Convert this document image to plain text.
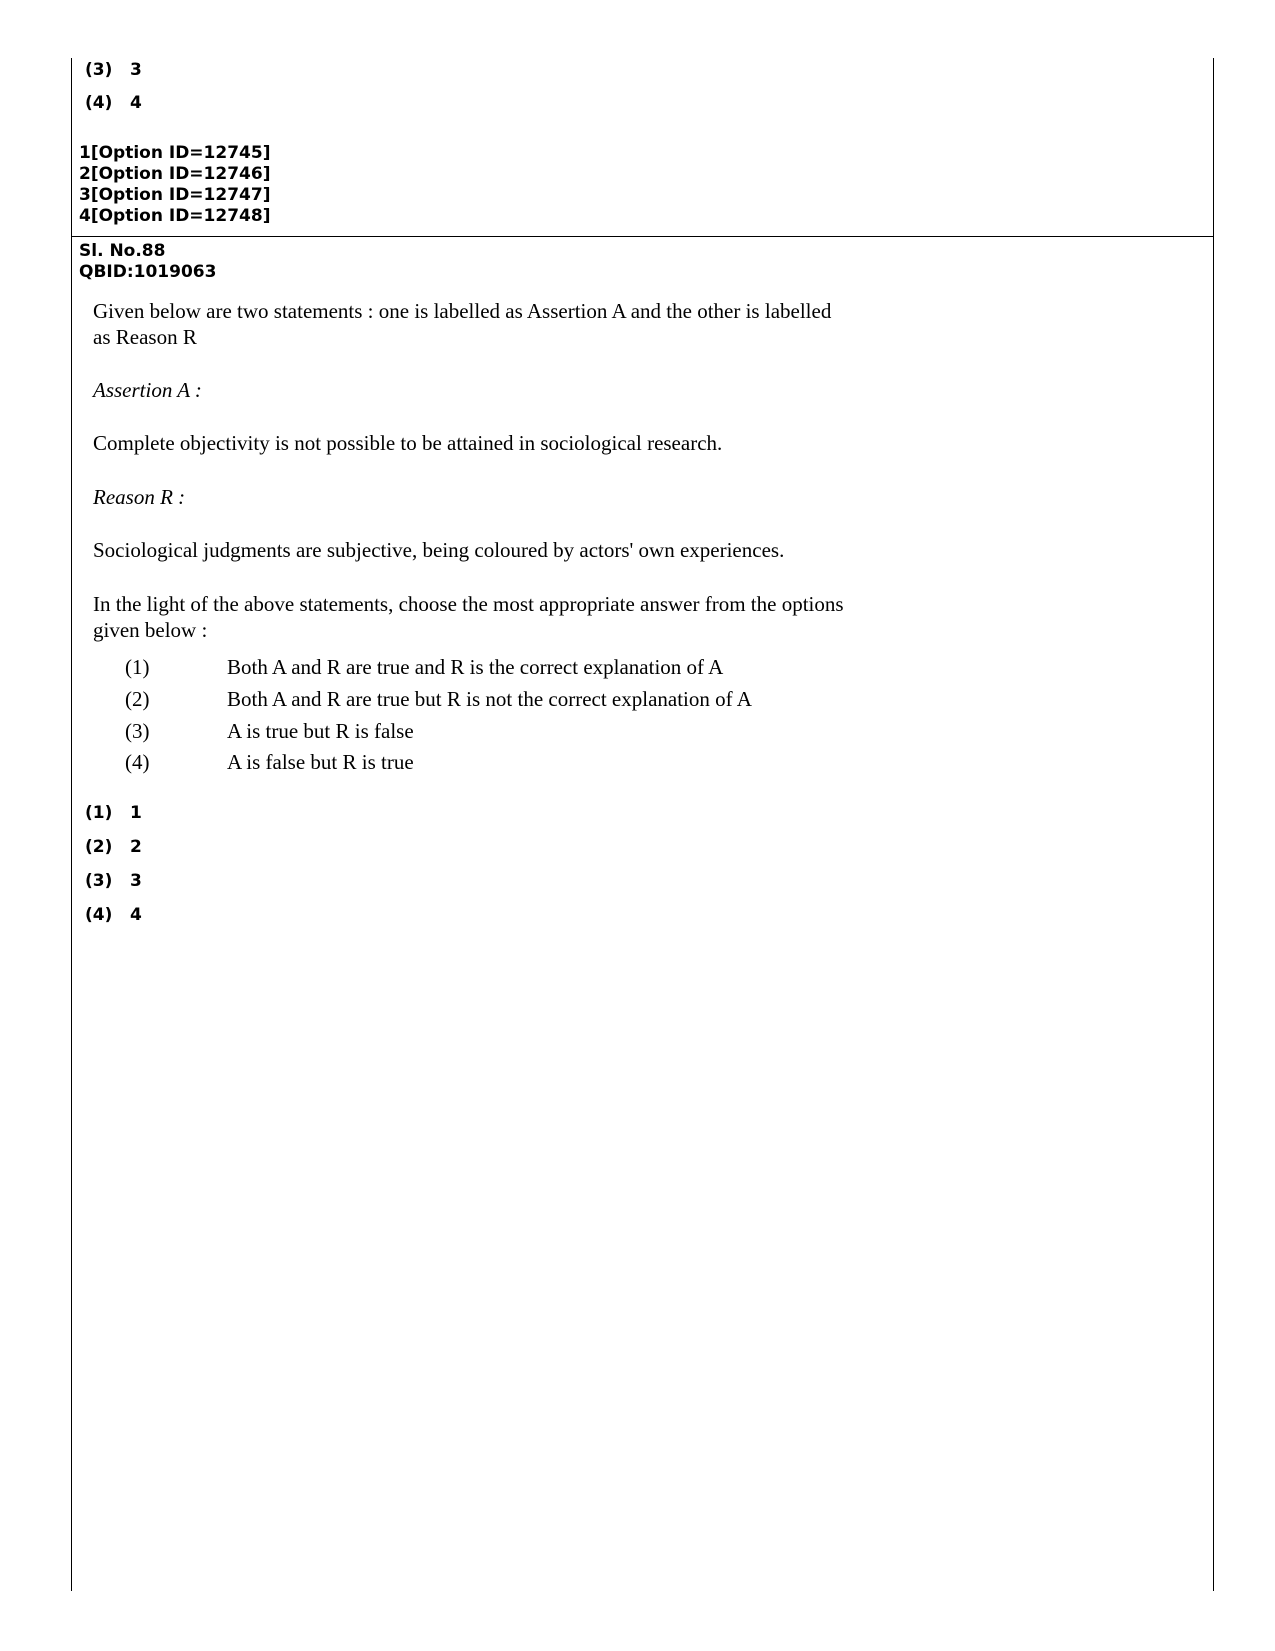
(3) 3
(4) 4
1[Option ID=12745]
2[Option ID=12746]
3[Option ID=12747]
4[Option ID=12748]
Sl. No.88
QBID:1019063
Given below are two statements : one is labelled as Assertion A and the other is labelled
as Reason R
Assertion A :
Complete objectivity is not possible to be attained in sociological research.
Reason R :
Sociological judgments are subjective, being coloured by actors' own experiences.
In the light of the above statements, choose the most appropriate answer from the options
given below :
(1)	Both A and R are true and R is the correct explanation of A
(2)	Both A and R are true but R is not the correct explanation of A
(3)	A is true but R is false
(4)	A is false but R is true
(1) 1
(2) 2
(3) 3
(4) 4
